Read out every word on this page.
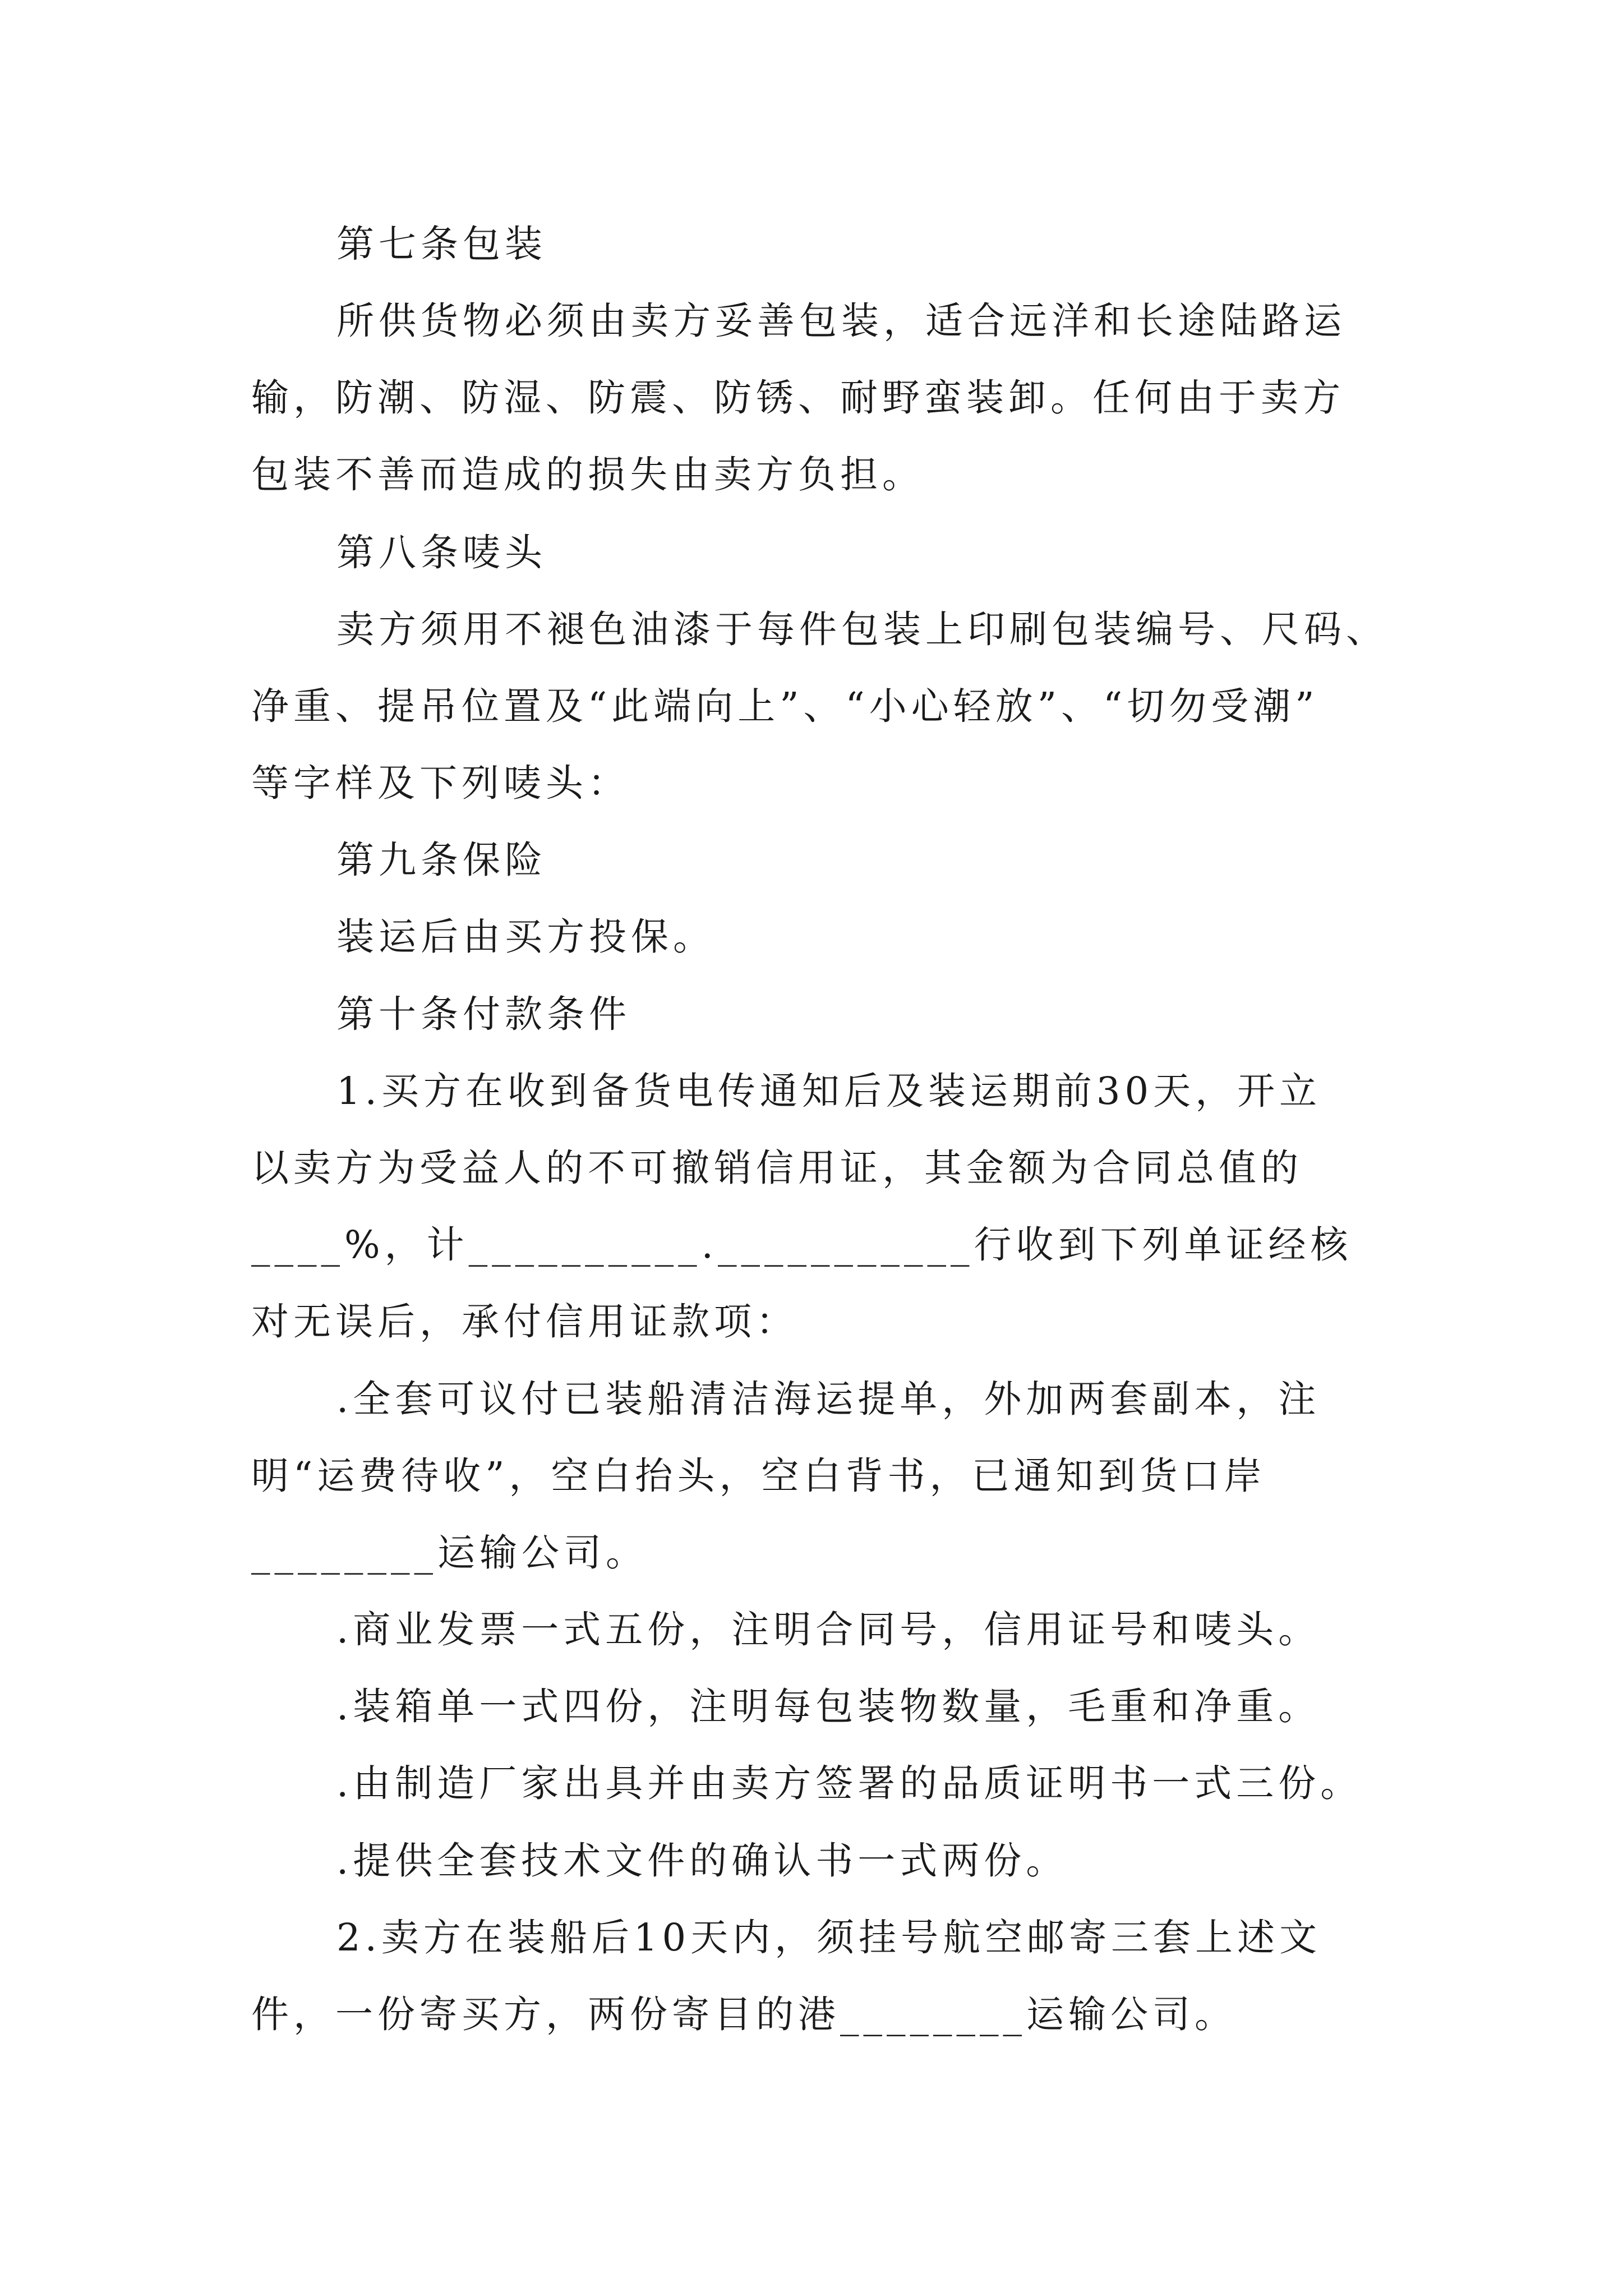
第七条包装
所供货物必须由卖方妥善包装，适合远洋和长途陆路运
输，防潮、防湿、防震、防锈、耐野蛮装卸。任何由于卖方
包装不善而造成的损失由卖方负担。
第八条唛头
卖方须用不褪色油漆于每件包装上印刷包装编号、尺码、
净重、提吊位置及“此端向上”、“小心轻放”、“切勿受潮”
等字样及下列唛头：
第九条保险
装运后由买方投保。
第十条付款条件
1.买方在收到备货电传通知后及装运期前30天，开立
以卖方为受益人的不可撤销信用证，其金额为合同总值的
____%，计__________.___________行收到下列单证经核
对无误后，承付信用证款项：
.全套可议付已装船清洁海运提单，外加两套副本，注
明“运费待收”，空白抬头，空白背书，已通知到货口岸
________运输公司。
.商业发票一式五份，注明合同号，信用证号和唛头。
.装箱单一式四份，注明每包装物数量，毛重和净重。
.由制造厂家出具并由卖方签署的品质证明书一式三份。
.提供全套技术文件的确认书一式两份。
2.卖方在装船后10天内，须挂号航空邮寄三套上述文
件，一份寄买方，两份寄目的港________运输公司。
